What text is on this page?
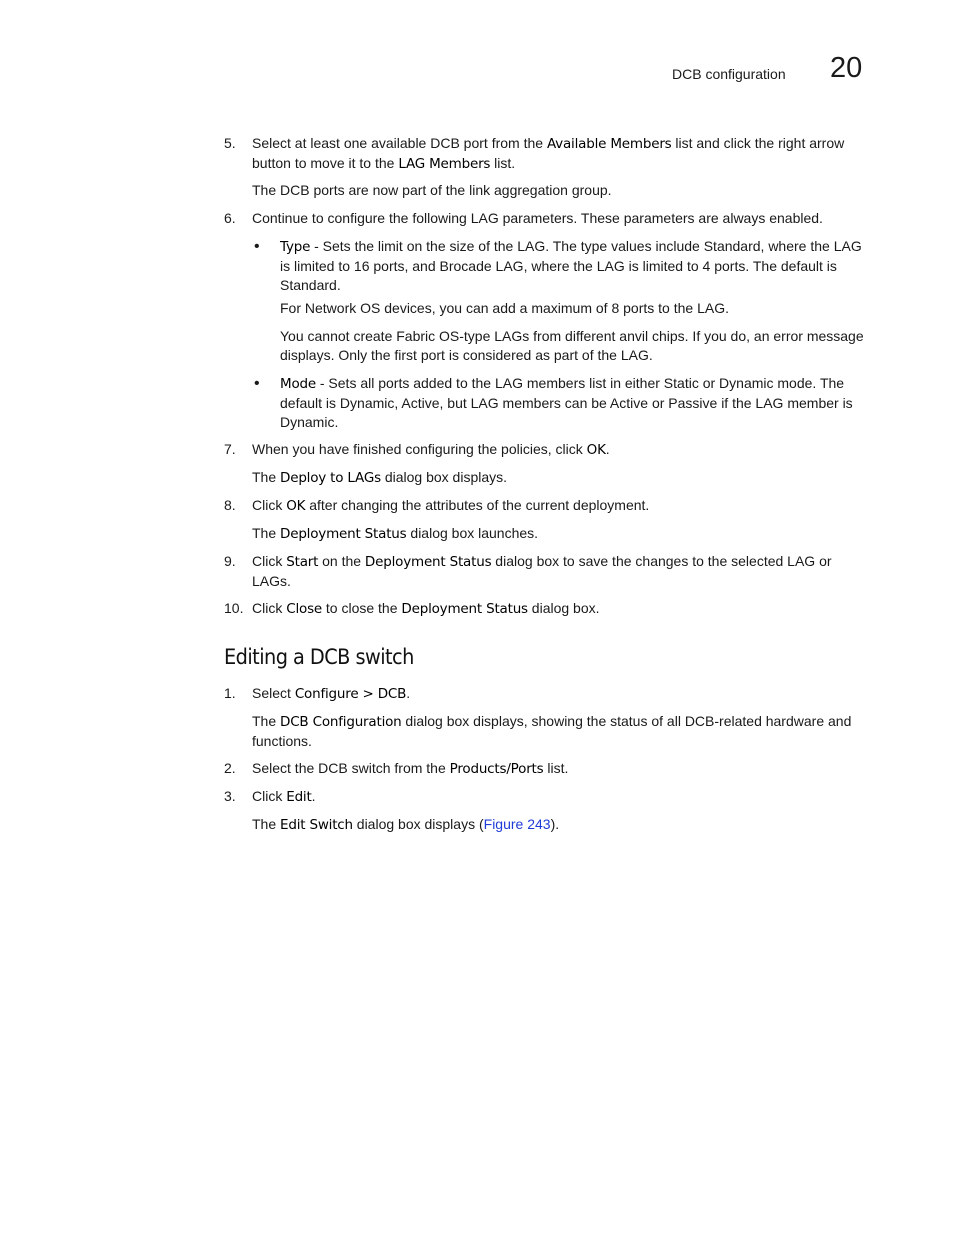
DCB configuration 20
5. Select at least one available DCB port from the Available Members list and click the right arrow button to move it to the LAG Members list.
The DCB ports are now part of the link aggregation group.
6. Continue to configure the following LAG parameters. These parameters are always enabled.
• Type - Sets the limit on the size of the LAG. The type values include Standard, where the LAG is limited to 16 ports, and Brocade LAG, where the LAG is limited to 4 ports. The default is Standard.
For Network OS devices, you can add a maximum of 8 ports to the LAG.
You cannot create Fabric OS-type LAGs from different anvil chips. If you do, an error message displays. Only the first port is considered as part of the LAG.
• Mode - Sets all ports added to the LAG members list in either Static or Dynamic mode. The default is Dynamic, Active, but LAG members can be Active or Passive if the LAG member is Dynamic.
7. When you have finished configuring the policies, click OK.
The Deploy to LAGs dialog box displays.
8. Click OK after changing the attributes of the current deployment.
The Deployment Status dialog box launches.
9. Click Start on the Deployment Status dialog box to save the changes to the selected LAG or LAGs.
10. Click Close to close the Deployment Status dialog box.
1. Select Configure > DCB.
The DCB Configuration dialog box displays, showing the status of all DCB-related hardware and functions.
2. Select the DCB switch from the Products/Ports list.
3. Click Edit.
The Edit Switch dialog box displays (Figure 243).
Editing a DCB switch
